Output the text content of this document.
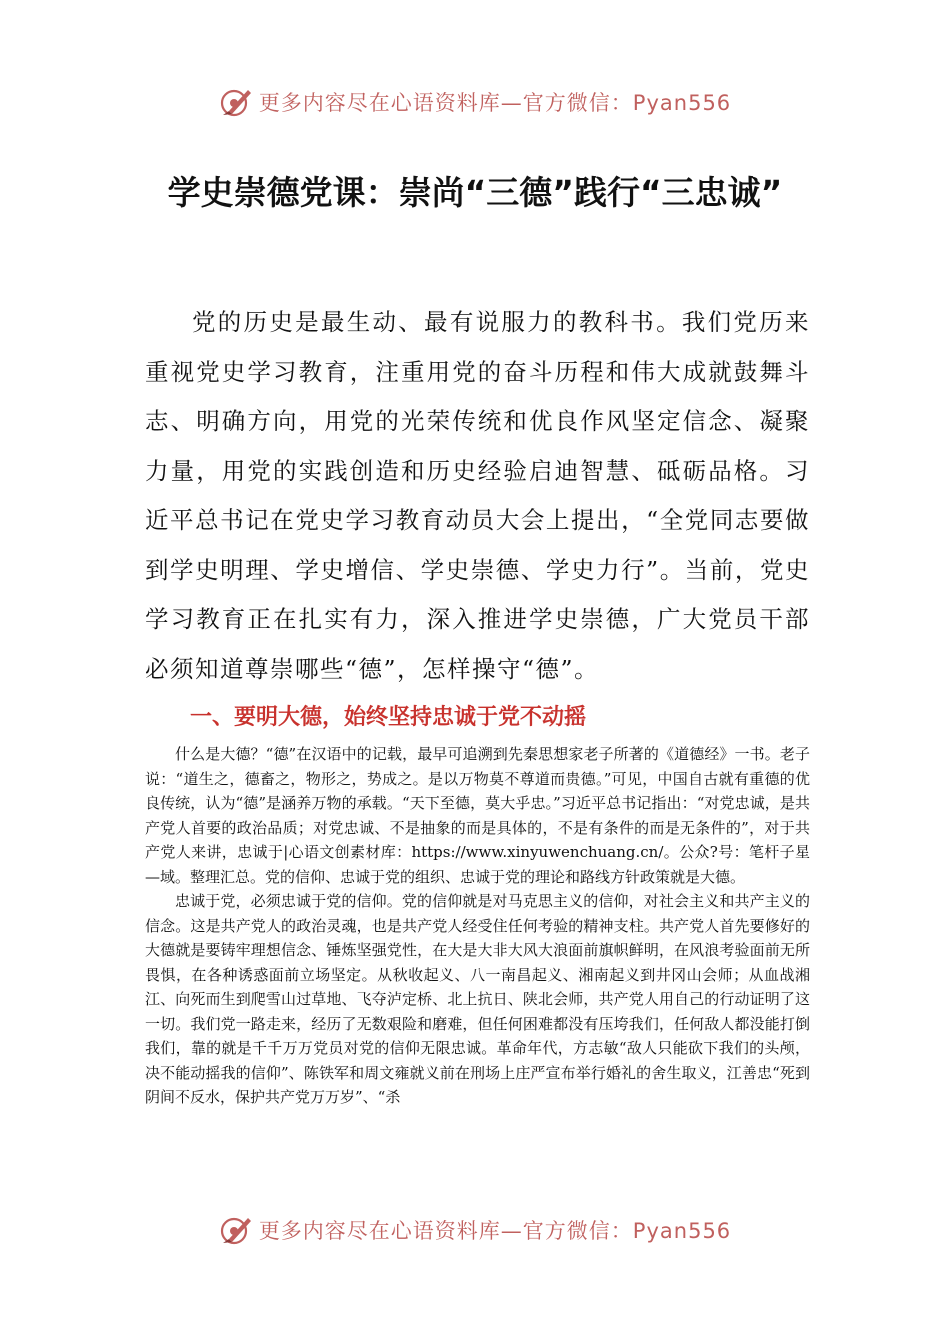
更多内容尽在心语资料库—官方微信：Pyan556
学史崇德党课：崇尚“三德”践行“三忠诚”

党的历史是最生动、最有说服力的教科书。我们党历来重视党史学习教育，注重用党的奋斗历程和伟大成就鼓舞斗志、明确方向，用党的光荣传统和优良作风坚定信念、凝聚力量，用党的实践创造和历史经验启迪智慧、砥砺品格。习近平总书记在党史学习教育动员大会上提出，“全党同志要做到学史明理、学史增信、学史崇德、学史力行”。当前，党史学习教育正在扎实有力，深入推进学史崇德，广大党员干部必须知道尊崇哪些“德”，怎样操守“德”。

一、要明大德，始终坚持忠诚于党不动摇

什么是大德？“德”在汉语中的记载，最早可追溯到先秦思想家老子所著的《道德经》一书。老子说：“道生之，德畜之，物形之，势成之。是以万物莫不尊道而贵德。”可见，中国自古就有重德的优良传统，认为“德”是涵养万物的承载。“天下至德，莫大乎忠。”习近平总书记指出：“对党忠诚，是共产党人首要的政治品质；对党忠诚、不是抽象的而是具体的，不是有条件的而是无条件的”，对于共产党人来讲，忠诚于|心语文创素材库：https://www.xinyuwenchuang.cn/。公众?号：笔杆子星—域。整理汇总。党的信仰、忠诚于党的组织、忠诚于党的理论和路线方针政策就是大德。

忠诚于党，必须忠诚于党的信仰。党的信仰就是对马克思主义的信仰，对社会主义和共产主义的信念。这是共产党人的政治灵魂，也是共产党人经受住任何考验的精神支柱。共产党人首先要修好的大德就是要铸牢理想信念、锤炼坚强党性，在大是大非大风大浪面前旗帜鲜明，在风浪考验面前无所畏惧，在各种诱惑面前立场坚定。从秋收起义、八一南昌起义、湘南起义到井冈山会师；从血战湘江、向死而生到爬雪山过草地、飞夺泸定桥、北上抗日、陕北会师，共产党人用自己的行动证明了这一切。我们党一路走来，经历了无数艰险和磨难，但任何困难都没有压垮我们，任何敌人都没能打倒我们，靠的就是千千万万党员对党的信仰无限忠诚。革命年代，方志敏“敌人只能砍下我们的头颅，决不能动摇我的信仰”、陈铁军和周文雍就义前在刑场上庄严宣布举行婚礼的舍生取义，江善忠“死到阴间不反水，保护共产党万万岁”、“杀

更多内容尽在心语资料库—官方微信：Pyan556
